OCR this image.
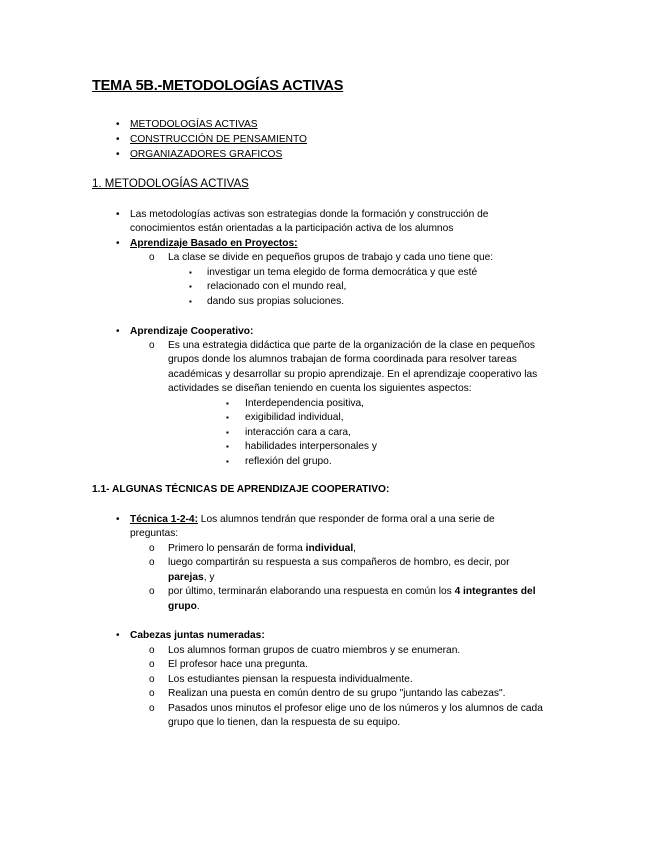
TEMA 5B.-METODOLOGÍAS ACTIVAS
• METODOLOGÍAS ACTIVAS
• CONSTRUCCIÓN DE PENSAMIENTO
• ORGANIAZADORES GRAFICOS
1. METODOLOGÍAS ACTIVAS
• Las metodologías activas son estrategias donde la formación y construcción de
conocimientos están orientadas a la participación activa de los alumnos
• Aprendizaje Basado en Proyectos:
o La clase se divide en pequeños grupos de trabajo y cada uno tiene que:
▪ investigar un tema elegido de forma democrática y que esté
▪ relacionado con el mundo real,
▪ dando sus propias soluciones.
• Aprendizaje Cooperativo:
o Es una estrategia didáctica que parte de la organización de la clase en pequeños
grupos donde los alumnos trabajan de forma coordinada para resolver tareas
académicas y desarrollar su propio aprendizaje. En el aprendizaje cooperativo las
actividades se diseñan teniendo en cuenta los siguientes aspectos:
▪ Interdependencia positiva,
▪ exigibilidad individual,
▪ interacción cara a cara,
▪ habilidades interpersonales y
▪ reflexión del grupo.
1.1- ALGUNAS TÉCNICAS DE APRENDIZAJE COOPERATIVO:
• Técnica 1-2-4: Los alumnos tendrán que responder de forma oral a una serie de
preguntas:
o Primero lo pensarán de forma individual,
o luego compartirán su respuesta a sus compañeros de hombro, es decir, por
parejas, y
o por último, terminarán elaborando una respuesta en común los 4 integrantes del
grupo.
• Cabezas juntas numeradas:
o Los alumnos forman grupos de cuatro miembros y se enumeran.
o El profesor hace una pregunta.
o Los estudiantes piensan la respuesta individualmente.
o Realizan una puesta en común dentro de su grupo "juntando las cabezas".
o Pasados unos minutos el profesor elige uno de los números y los alumnos de cada
grupo que lo tienen, dan la respuesta de su equipo.
